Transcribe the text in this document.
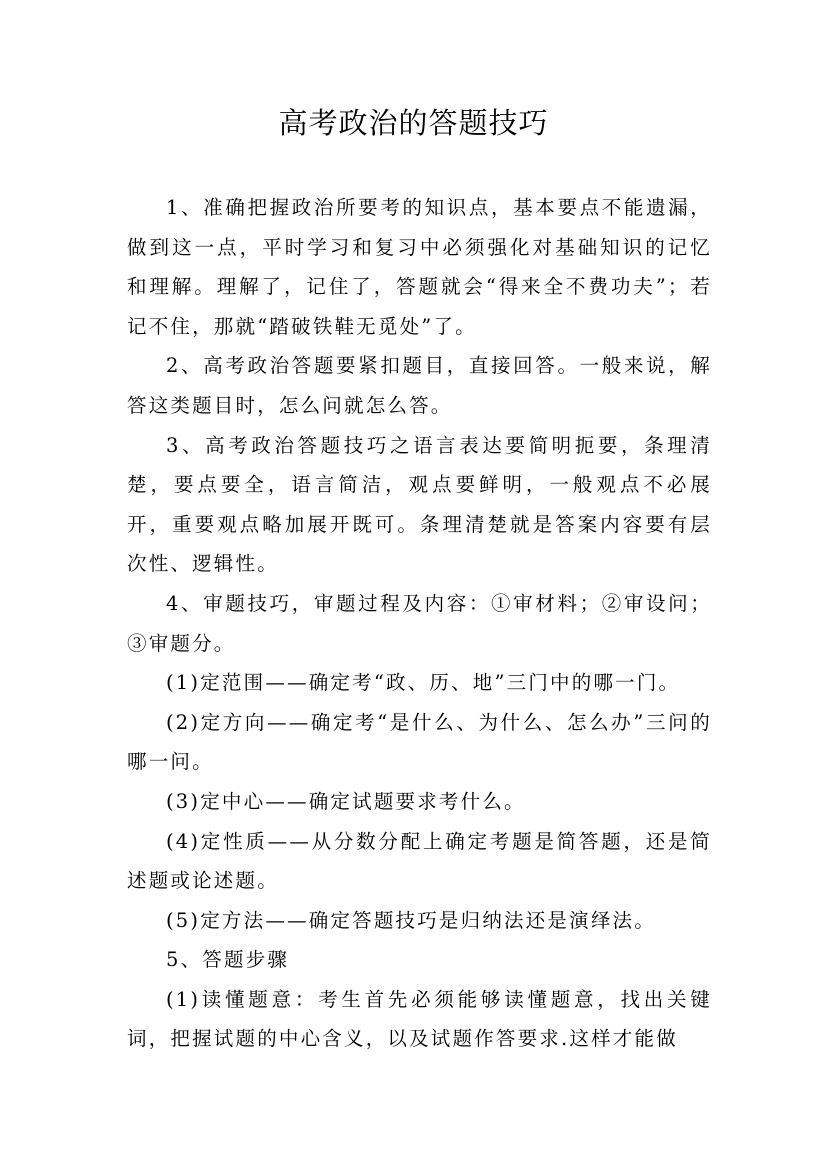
高考政治的答题技巧

1、准确把握政治所要考的知识点，基本要点不能遗漏，做到这一点，平时学习和复习中必须强化对基础知识的记忆和理解。理解了，记住了，答题就会“得来全不费功夫”；若记不住，那就“踏破铁鞋无觅处”了。

2、高考政治答题要紧扣题目，直接回答。一般来说，解答这类题目时，怎么问就怎么答。

3、高考政治答题技巧之语言表达要简明扼要，条理清楚，要点要全，语言简洁，观点要鲜明，一般观点不必展开，重要观点略加展开既可。条理清楚就是答案内容要有层次性、逻辑性。

4、审题技巧，审题过程及内容：①审材料；②审设问；③审题分。

(1)定范围——确定考“政、历、地”三门中的哪一门。

(2)定方向——确定考“是什么、为什么、怎么办”三问的哪一问。

(3)定中心——确定试题要求考什么。

(4)定性质——从分数分配上确定考题是简答题，还是简述题或论述题。

(5)定方法——确定答题技巧是归纳法还是演绎法。

5、答题步骤

(1)读懂题意：考生首先必须能够读懂题意，找出关键词，把握试题的中心含义，以及试题作答要求.这样才能做
